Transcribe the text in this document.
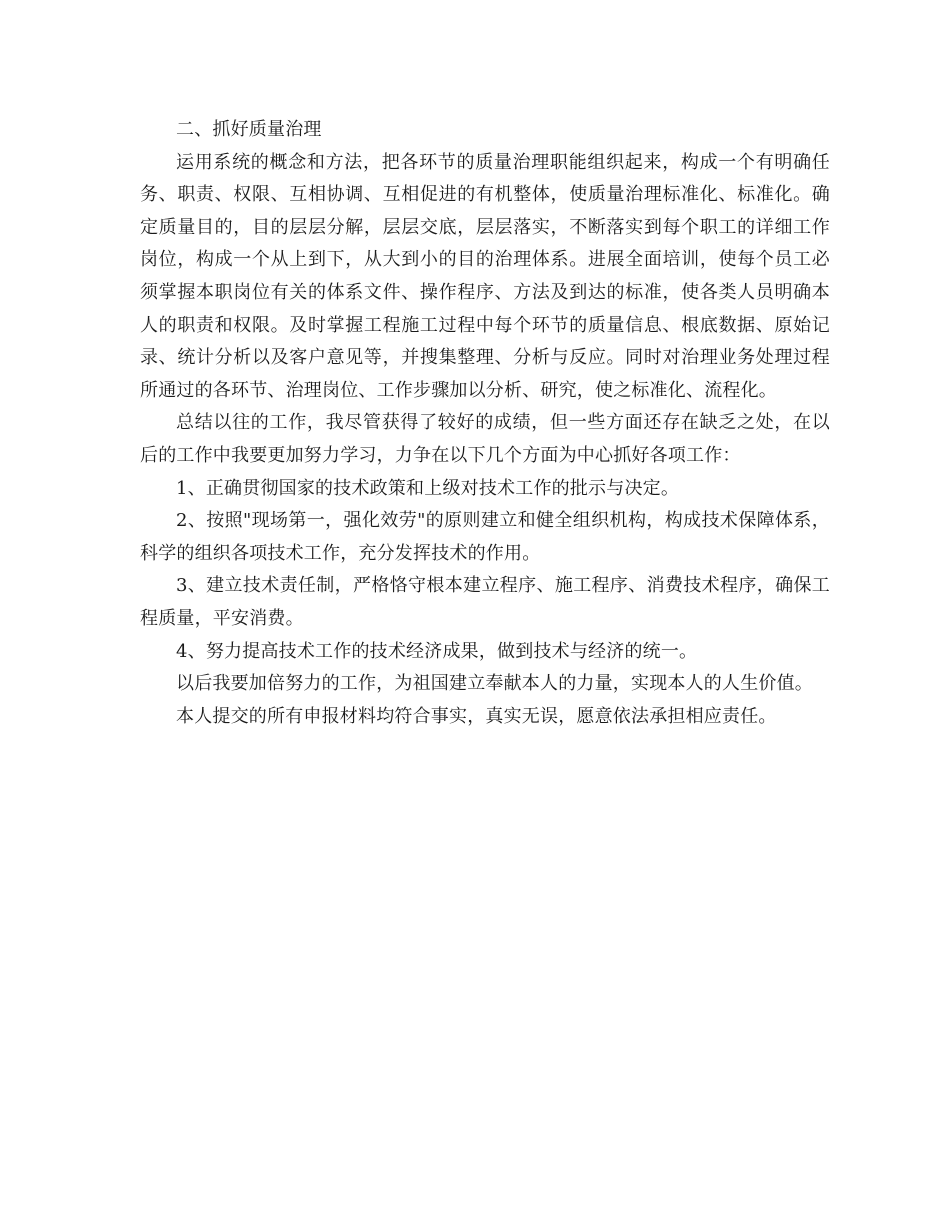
二、抓好质量治理

运用系统的概念和方法，把各环节的质量治理职能组织起来，构成一个有明确任务、职责、权限、互相协调、互相促进的有机整体，使质量治理标准化、标准化。确定质量目的，目的层层分解，层层交底，层层落实，不断落实到每个职工的详细工作岗位，构成一个从上到下，从大到小的目的治理体系。进展全面培训，使每个员工必须掌握本职岗位有关的体系文件、操作程序、方法及到达的标准，使各类人员明确本人的职责和权限。及时掌握工程施工过程中每个环节的质量信息、根底数据、原始记录、统计分析以及客户意见等，并搜集整理、分析与反应。同时对治理业务处理过程所通过的各环节、治理岗位、工作步骤加以分析、研究，使之标准化、流程化。

总结以往的工作，我尽管获得了较好的成绩，但一些方面还存在缺乏之处，在以后的工作中我要更加努力学习，力争在以下几个方面为中心抓好各项工作：

1、正确贯彻国家的技术政策和上级对技术工作的批示与决定。

2、按照"现场第一，强化效劳"的原则建立和健全组织机构，构成技术保障体系，科学的组织各项技术工作，充分发挥技术的作用。

3、建立技术责任制，严格恪守根本建立程序、施工程序、消费技术程序，确保工程质量，平安消费。

4、努力提高技术工作的技术经济成果，做到技术与经济的统一。

以后我要加倍努力的工作，为祖国建立奉献本人的力量，实现本人的人生价值。

本人提交的所有申报材料均符合事实，真实无误，愿意依法承担相应责任。
